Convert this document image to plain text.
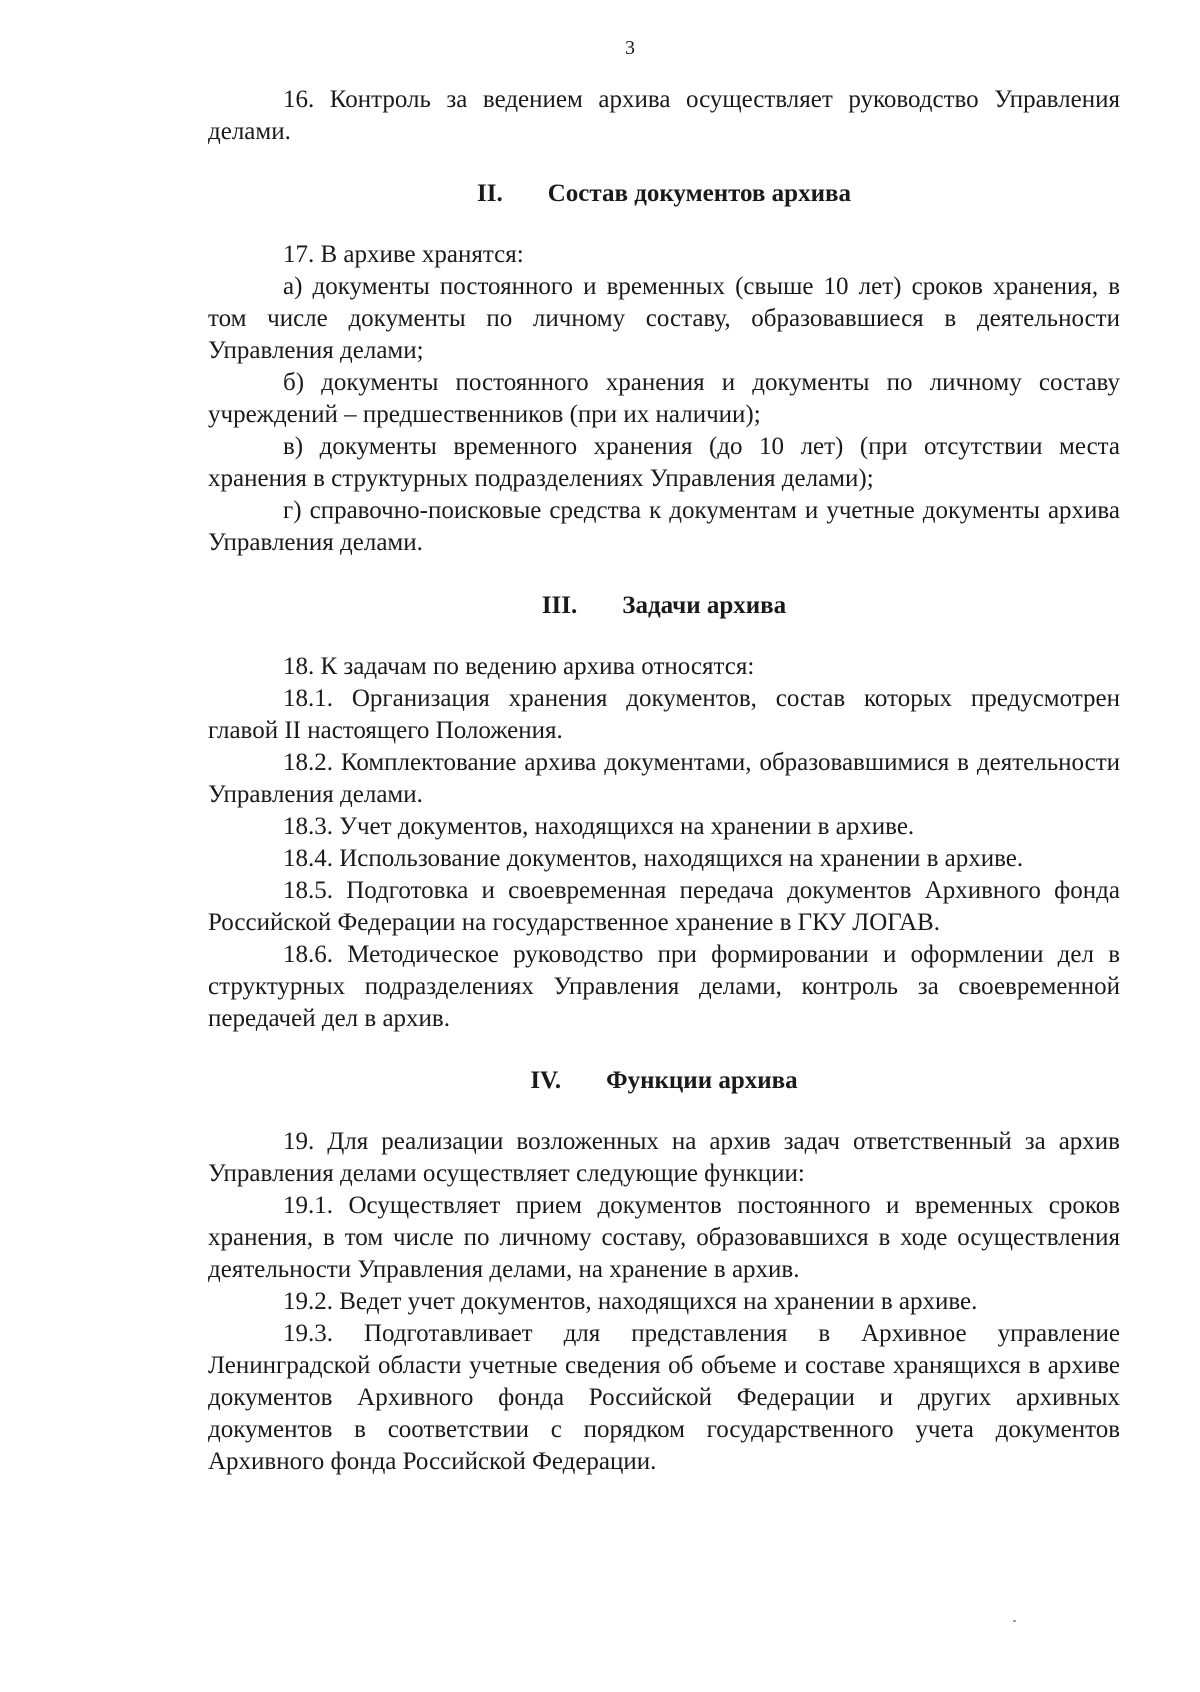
3

16. Контроль за ведением архива осуществляет руководство Управления делами.

II. Состав документов архива

17. В архиве хранятся:

а) документы постоянного и временных (свыше 10 лет) сроков хранения, в том числе документы по личному составу, образовавшиеся в деятельности Управления делами;

б) документы постоянного хранения и документы по личному составу учреждений – предшественников (при их наличии);

в) документы временного хранения (до 10 лет) (при отсутствии места хранения в структурных подразделениях Управления делами);

г) справочно-поисковые средства к документам и учетные документы архива Управления делами.

III. Задачи архива

18. К задачам по ведению архива относятся:

18.1. Организация хранения документов, состав которых предусмотрен главой II настоящего Положения.

18.2. Комплектование архива документами, образовавшимися в деятельности Управления делами.

18.3. Учет документов, находящихся на хранении в архиве.

18.4. Использование документов, находящихся на хранении в архиве.

18.5. Подготовка и своевременная передача документов Архивного фонда Российской Федерации на государственное хранение в ГКУ ЛОГАВ.

18.6. Методическое руководство при формировании и оформлении дел в структурных подразделениях Управления делами, контроль за своевременной передачей дел в архив.

IV. Функции архива

19. Для реализации возложенных на архив задач ответственный за архив Управления делами осуществляет следующие функции:

19.1. Осуществляет прием документов постоянного и временных сроков хранения, в том числе по личному составу, образовавшихся в ходе осуществления деятельности Управления делами, на хранение в архив.

19.2. Ведет учет документов, находящихся на хранении в архиве.

19.3. Подготавливает для представления в Архивное управление Ленинградской области учетные сведения об объеме и составе хранящихся в архиве документов Архивного фонда Российской Федерации и других архивных документов в соответствии с порядком государственного учета документов Архивного фонда Российской Федерации.
